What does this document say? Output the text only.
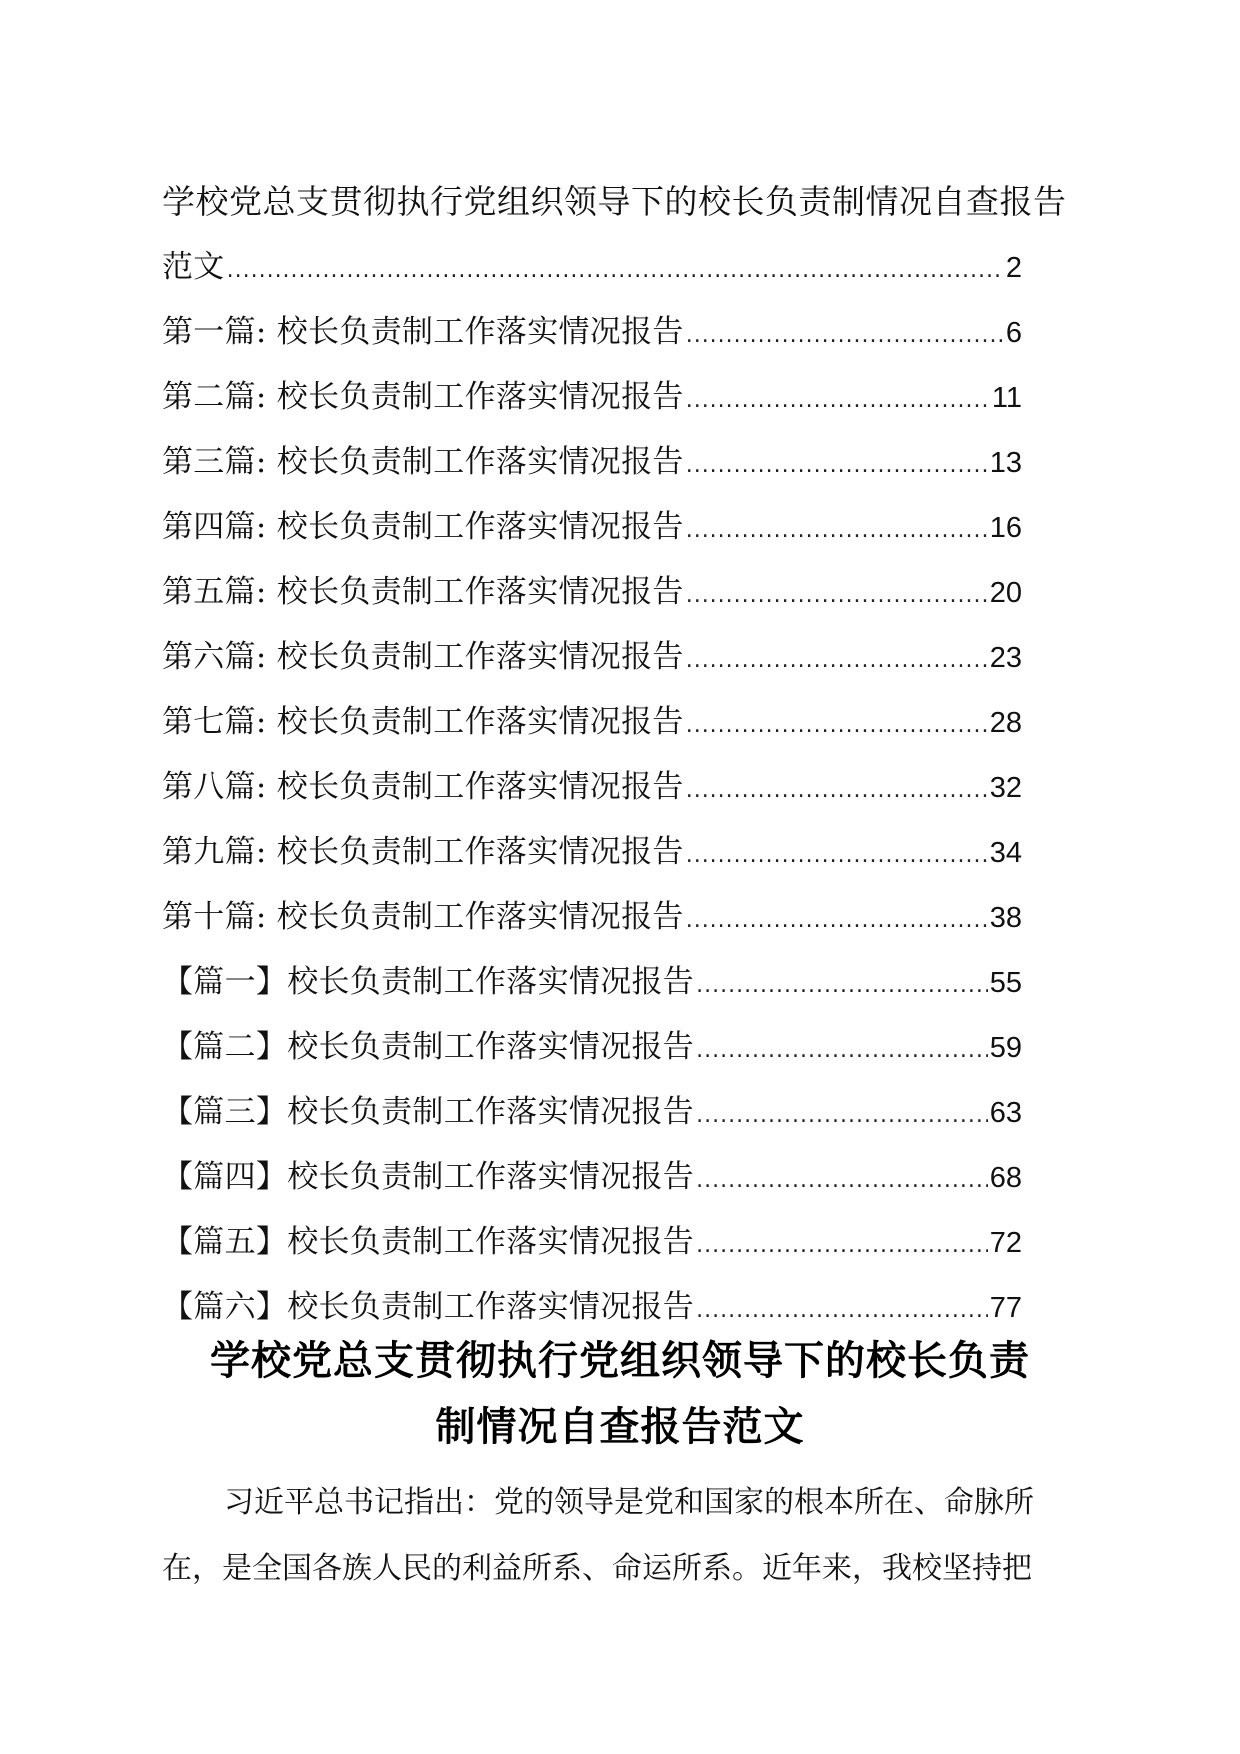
学校党总支贯彻执行党组织领导下的校长负责制情况自查报告
范文 .....	2
第一篇: 校长负责制工作落实情况报告 .....	6
第二篇: 校长负责制工作落实情况报告 .....	11
第三篇: 校长负责制工作落实情况报告 .....	13
第四篇: 校长负责制工作落实情况报告 .....	16
第五篇: 校长负责制工作落实情况报告 .....	20
第六篇: 校长负责制工作落实情况报告 .....	23
第七篇: 校长负责制工作落实情况报告 .....	28
第八篇: 校长负责制工作落实情况报告 .....	32
第九篇: 校长负责制工作落实情况报告 .....	34
第十篇: 校长负责制工作落实情况报告 .....	38
【篇一】校长负责制工作落实情况报告 .....	55
【篇二】校长负责制工作落实情况报告 .....	59
【篇三】校长负责制工作落实情况报告 .....	63
【篇四】校长负责制工作落实情况报告 .....	68
【篇五】校长负责制工作落实情况报告 .....	72
【篇六】校长负责制工作落实情况报告 .....	77
学校党总支贯彻执行党组织领导下的校长负责
制情况自查报告范文
习近平总书记指出：党的领导是党和国家的根本所在、命脉所
在，是全国各族人民的利益所系、命运所系。近年来，我校坚持把
